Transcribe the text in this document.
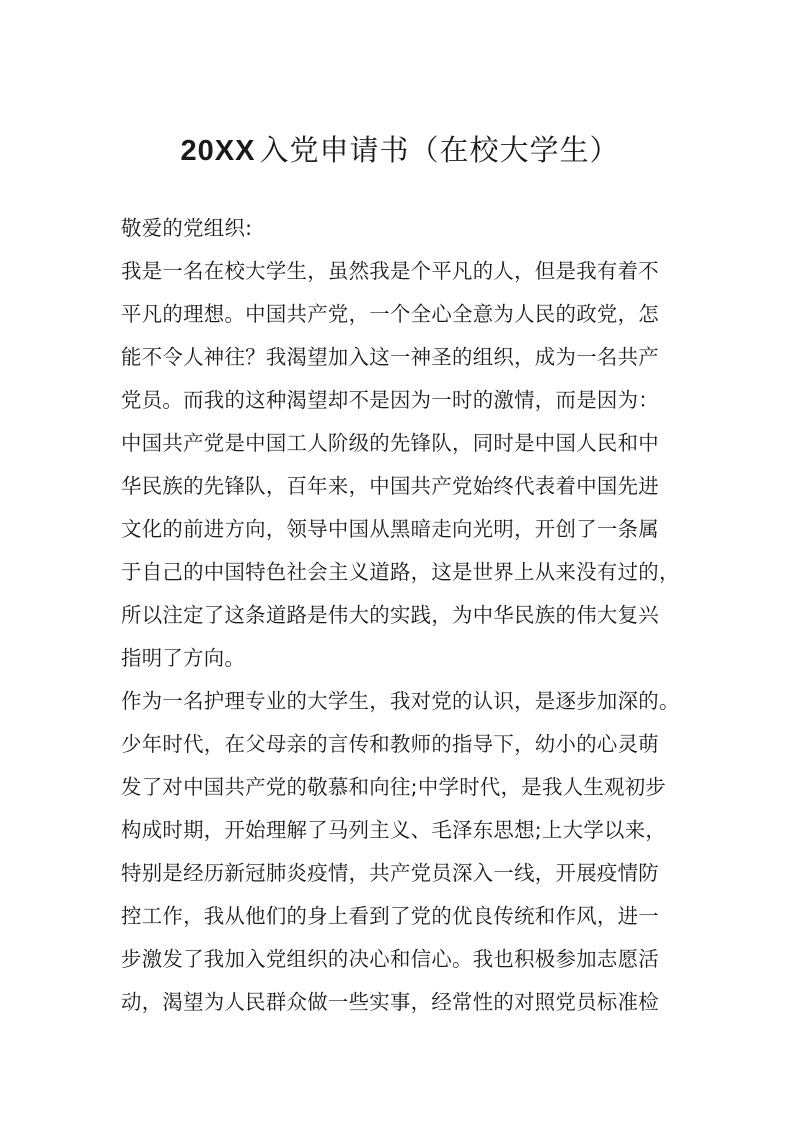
20XX 入党申请书（在校大学生）
敬爱的党组织:
我是一名在校大学生，虽然我是个平凡的人，但是我有着不
平凡的理想。中国共产党，一个全心全意为人民的政党，怎
能不令人神往？我渴望加入这一神圣的组织，成为一名共产
党员。而我的这种渴望却不是因为一时的激情，而是因为：
中国共产党是中国工人阶级的先锋队，同时是中国人民和中
华民族的先锋队，百年来，中国共产党始终代表着中国先进
文化的前进方向，领导中国从黑暗走向光明，开创了一条属
于自己的中国特色社会主义道路，这是世界上从来没有过的，
所以注定了这条道路是伟大的实践，为中华民族的伟大复兴
指明了方向。
作为一名护理专业的大学生，我对党的认识，是逐步加深的。
少年时代，在父母亲的言传和教师的指导下，幼小的心灵萌
发了对中国共产党的敬慕和向往;中学时代，是我人生观初步
构成时期，开始理解了马列主义、毛泽东思想;上大学以来，
特别是经历新冠肺炎疫情，共产党员深入一线，开展疫情防
控工作，我从他们的身上看到了党的优良传统和作风，进一
步激发了我加入党组织的决心和信心。我也积极参加志愿活
动，渴望为人民群众做一些实事，经常性的对照党员标准检
